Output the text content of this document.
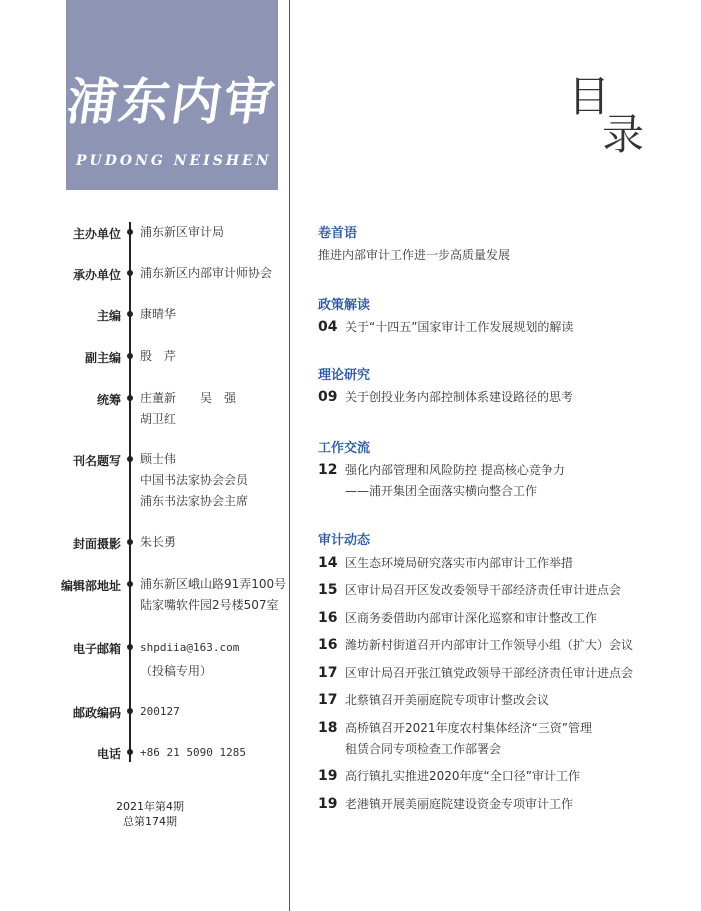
浦东内审
PUDONG NEISHEN
目
录
主办单位 浦东新区审计局
承办单位 浦东新区内部审计师协会
主编 康晴华
副主编 殷　芹
统筹 庄董新　　吴　强
胡卫红
刊名题写 顾士伟
中国书法家协会会员
浦东书法家协会主席
封面摄影 朱长勇
编辑部地址 浦东新区峨山路91弄100号
陆家嘴软件园2号楼507室
电子邮箱 shpdiia@163.com
（投稿专用）
邮政编码 200127
电话 +86 21 5090 1285
2021年第4期
总第174期
卷首语
推进内部审计工作进一步高质量发展
政策解读
04 关于“十四五”国家审计工作发展规划的解读
理论研究
09 关于创投业务内部控制体系建设路径的思考
工作交流
12 强化内部管理和风险防控 提高核心竞争力
——浦开集团全面落实横向整合工作
审计动态
14 区生态环境局研究落实市内部审计工作举措
15 区审计局召开区发改委领导干部经济责任审计进点会
16 区商务委借助内部审计深化巡察和审计整改工作
16 潍坊新村街道召开内部审计工作领导小组（扩大）会议
17 区审计局召开张江镇党政领导干部经济责任审计进点会
17 北蔡镇召开美丽庭院专项审计整改会议
18 高桥镇召开2021年度农村集体经济“三资”管理
租赁合同专项检查工作部署会
19 高行镇扎实推进2020年度“全口径”审计工作
19 老港镇开展美丽庭院建设资金专项审计工作
